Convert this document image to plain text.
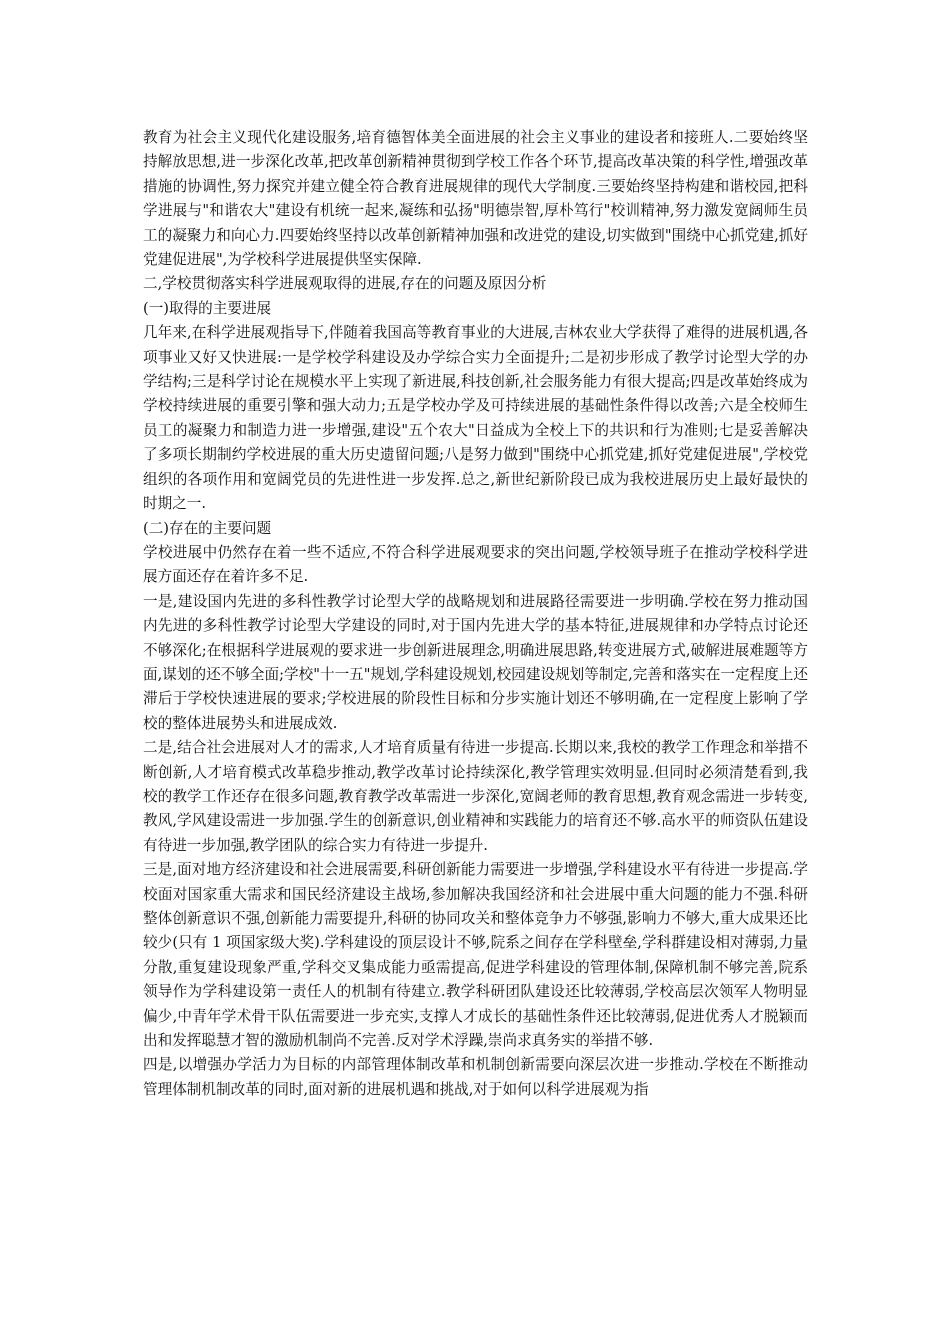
教育为社会主义现代化建设服务,培育德智体美全面进展的社会主义事业的建设者和接班人.二要始终坚持解放思想,进一步深化改革,把改革创新精神贯彻到学校工作各个环节,提高改革决策的科学性,增强改革措施的协调性,努力探究并建立健全符合教育进展规律的现代大学制度.三要始终坚持构建和谐校园,把科学进展与"和谐农大"建设有机统一起来,凝练和弘扬"明德崇智,厚朴笃行"校训精神,努力激发宽阔师生员工的凝聚力和向心力.四要始终坚持以改革创新精神加强和改进党的建设,切实做到"围绕中心抓党建,抓好党建促进展",为学校科学进展提供坚实保障.

二,学校贯彻落实科学进展观取得的进展,存在的问题及原因分析

(一)取得的主要进展

几年来,在科学进展观指导下,伴随着我国高等教育事业的大进展,吉林农业大学获得了难得的进展机遇,各项事业又好又快进展:一是学校学科建设及办学综合实力全面提升;二是初步形成了教学讨论型大学的办学结构;三是科学讨论在规模水平上实现了新进展,科技创新,社会服务能力有很大提高;四是改革始终成为学校持续进展的重要引擎和强大动力;五是学校办学及可持续进展的基础性条件得以改善;六是全校师生员工的凝聚力和制造力进一步增强,建设"五个农大"日益成为全校上下的共识和行为准则;七是妥善解决了多项长期制约学校进展的重大历史遗留问题;八是努力做到"围绕中心抓党建,抓好党建促进展",学校党组织的各项作用和宽阔党员的先进性进一步发挥.总之,新世纪新阶段已成为我校进展历史上最好最快的时期之一.

(二)存在的主要问题

学校进展中仍然存在着一些不适应,不符合科学进展观要求的突出问题,学校领导班子在推动学校科学进展方面还存在着许多不足.

一是,建设国内先进的多科性教学讨论型大学的战略规划和进展路径需要进一步明确.学校在努力推动国内先进的多科性教学讨论型大学建设的同时,对于国内先进大学的基本特征,进展规律和办学特点讨论还不够深化;在根据科学进展观的要求进一步创新进展理念,明确进展思路,转变进展方式,破解进展难题等方面,谋划的还不够全面;学校"十一五"规划,学科建设规划,校园建设规划等制定,完善和落实在一定程度上还滞后于学校快速进展的要求;学校进展的阶段性目标和分步实施计划还不够明确,在一定程度上影响了学校的整体进展势头和进展成效.

二是,结合社会进展对人才的需求,人才培育质量有待进一步提高.长期以来,我校的教学工作理念和举措不断创新,人才培育模式改革稳步推动,教学改革讨论持续深化,教学管理实效明显.但同时必须清楚看到,我校的教学工作还存在很多问题,教育教学改革需进一步深化,宽阔老师的教育思想,教育观念需进一步转变,教风,学风建设需进一步加强.学生的创新意识,创业精神和实践能力的培育还不够.高水平的师资队伍建设有待进一步加强,教学团队的综合实力有待进一步提升.

三是,面对地方经济建设和社会进展需要,科研创新能力需要进一步增强,学科建设水平有待进一步提高.学校面对国家重大需求和国民经济建设主战场,参加解决我国经济和社会进展中重大问题的能力不强.科研整体创新意识不强,创新能力需要提升,科研的协同攻关和整体竞争力不够强,影响力不够大,重大成果还比较少(只有 1 项国家级大奖).学科建设的顶层设计不够,院系之间存在学科壁垒,学科群建设相对薄弱,力量分散,重复建设现象严重,学科交叉集成能力亟需提高,促进学科建设的管理体制,保障机制不够完善,院系领导作为学科建设第一责任人的机制有待建立.教学科研团队建设还比较薄弱,学校高层次领军人物明显偏少,中青年学术骨干队伍需要进一步充实,支撑人才成长的基础性条件还比较薄弱,促进优秀人才脱颖而出和发挥聪慧才智的激励机制尚不完善.反对学术浮躁,崇尚求真务实的举措不够.

四是,以增强办学活力为目标的内部管理体制改革和机制创新需要向深层次进一步推动.学校在不断推动管理体制机制改革的同时,面对新的进展机遇和挑战,对于如何以科学进展观为指
